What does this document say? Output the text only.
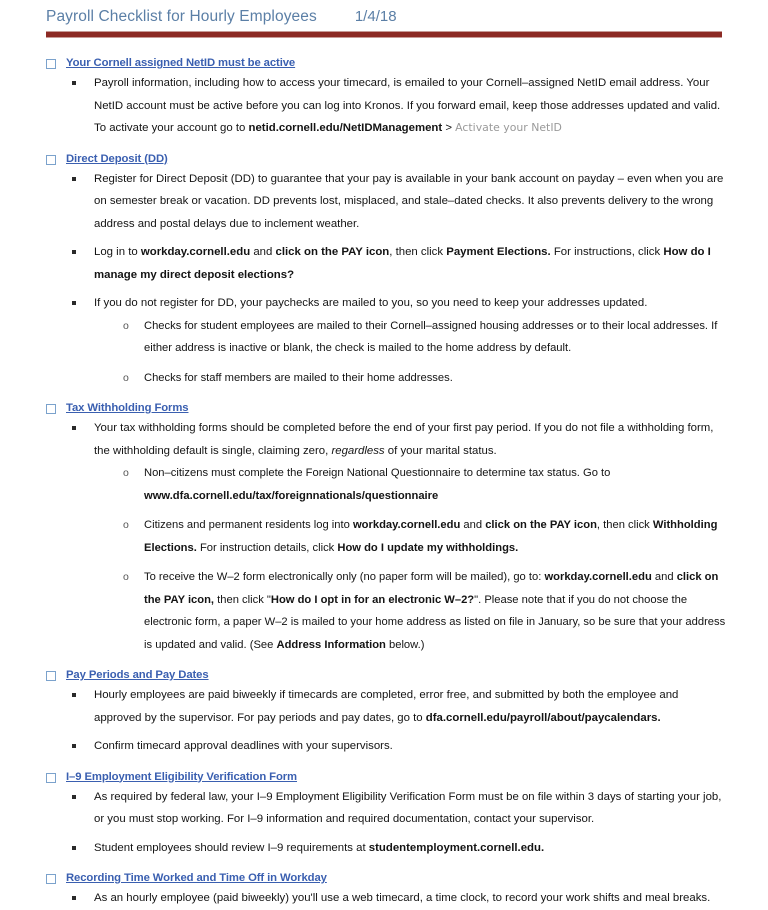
Payroll Checklist for Hourly Employees	1/4/18
Your Cornell assigned NetID must be active
Payroll information, including how to access your timecard, is emailed to your Cornell–assigned NetID email address. Your NetID account must be active before you can log into Kronos. If you forward email, keep those addresses updated and valid.  To activate your account go to netid.cornell.edu/NetIDManagement > Activate your NetID
Direct Deposit (DD)
Register for Direct Deposit (DD) to guarantee that your pay is available in your bank account on payday – even when you are on semester break or vacation. DD prevents lost, misplaced, and stale–dated checks. It also prevents delivery to the wrong address and postal delays due to inclement weather.
Log in to workday.cornell.edu and click on the PAY icon, then click Payment Elections. For instructions, click How do I manage my direct deposit elections?
If you do not register for DD, your paychecks are mailed to you, so you need to keep your addresses updated.
o Checks for student employees are mailed to their Cornell–assigned housing addresses or to their local addresses. If either address is inactive or blank, the check is mailed to the home address by default.
o Checks for staff members are mailed to their home addresses.
Tax Withholding Forms
Your tax withholding forms should be completed before the end of your first pay period. If you do not file a withholding form, the withholding default is single, claiming zero, regardless of your marital status.
o Non–citizens must complete the Foreign National Questionnaire to determine tax status. Go to www.dfa.cornell.edu/tax/foreignnationals/questionnaire
o Citizens and permanent residents log into workday.cornell.edu and click on the PAY icon, then click Withholding Elections. For instruction details, click How do I update my withholdings.
o To receive the W–2 form electronically only (no paper form will be mailed), go to: workday.cornell.edu and click on the PAY icon, then click "How do I opt in for an electronic W–2?". Please note that if you do not choose the electronic form, a paper W–2 is mailed to your home address as listed on file in January, so be sure that your address is updated and valid. (See Address Information below.)
Pay Periods and Pay Dates
Hourly employees are paid biweekly if timecards are completed, error free, and submitted by both the employee and approved by the supervisor. For pay periods and pay dates, go to dfa.cornell.edu/payroll/about/paycalendars.
Confirm timecard approval deadlines with your supervisors.
I–9 Employment Eligibility Verification Form
As required by federal law, your I–9 Employment Eligibility Verification Form must be on file within 3 days of starting your job, or you must stop working. For I–9 information and required documentation, contact your supervisor.
Student employees should review I–9 requirements at studentemployment.cornell.edu.
Recording Time Worked and Time Off in Workday
As an hourly employee (paid biweekly) you'll use a web timecard, a time clock, to record your work shifts and meal breaks.
